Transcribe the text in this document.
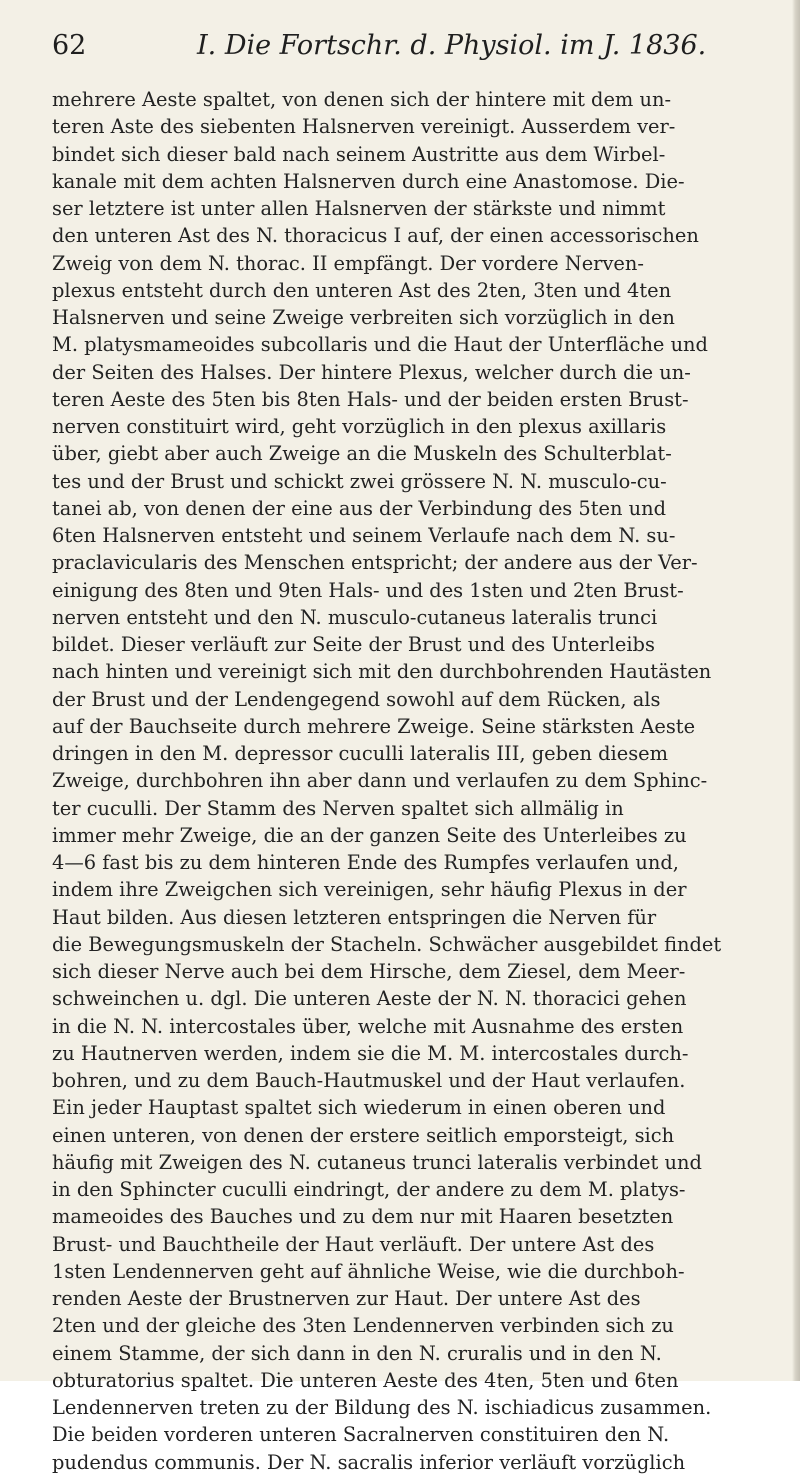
62	I. Die Fortschr. d. Physiol. im J. 1836.
mehrere Aeste spaltet, von denen sich der hintere mit dem un-
teren Aste des siebenten Halsnerven vereinigt. Ausserdem ver-
bindet sich dieser bald nach seinem Austritte aus dem Wirbel-
kanale mit dem achten Halsnerven durch eine Anastomose. Die-
ser letztere ist unter allen Halsnerven der stärkste und nimmt
den unteren Ast des N. thoracicus I auf, der einen accessorischen
Zweig von dem N. thorac. II empfängt. Der vordere Nerven-
plexus entsteht durch den unteren Ast des 2ten, 3ten und 4ten
Halsnerven und seine Zweige verbreiten sich vorzüglich in den
M. platysmameoides subcollaris und die Haut der Unterfläche und
der Seiten des Halses. Der hintere Plexus, welcher durch die un-
teren Aeste des 5ten bis 8ten Hals- und der beiden ersten Brust-
nerven constituirt wird, geht vorzüglich in den plexus axillaris
über, giebt aber auch Zweige an die Muskeln des Schulterblat-
tes und der Brust und schickt zwei grössere N. N. musculo-cu-
tanei ab, von denen der eine aus der Verbindung des 5ten und
6ten Halsnerven entsteht und seinem Verlaufe nach dem N. su-
praclavicularis des Menschen entspricht; der andere aus der Ver-
einigung des 8ten und 9ten Hals- und des 1sten und 2ten Brust-
nerven entsteht und den N. musculo-cutaneus lateralis trunci
bildet. Dieser verläuft zur Seite der Brust und des Unterleibs
nach hinten und vereinigt sich mit den durchbohrenden Hautästen
der Brust und der Lendengegend sowohl auf dem Rücken, als
auf der Bauchseite durch mehrere Zweige. Seine stärksten Aeste
dringen in den M. depressor cuculli lateralis III, geben diesem
Zweige, durchbohren ihn aber dann und verlaufen zu dem Sphinc-
ter cuculli. Der Stamm des Nerven spaltet sich allmälig in
immer mehr Zweige, die an der ganzen Seite des Unterleibes zu
4—6 fast bis zu dem hinteren Ende des Rumpfes verlaufen und,
indem ihre Zweigchen sich vereinigen, sehr häufig Plexus in der
Haut bilden. Aus diesen letzteren entspringen die Nerven für
die Bewegungsmuskeln der Stacheln. Schwächer ausgebildet findet
sich dieser Nerve auch bei dem Hirsche, dem Ziesel, dem Meer-
schweinchen u. dgl. Die unteren Aeste der N. N. thoracici gehen
in die N. N. intercostales über, welche mit Ausnahme des ersten
zu Hautnerven werden, indem sie die M. M. intercostales durch-
bohren, und zu dem Bauch-Hautmuskel und der Haut verlaufen.
Ein jeder Hauptast spaltet sich wiederum in einen oberen und
einen unteren, von denen der erstere seitlich emporsteigt, sich
häufig mit Zweigen des N. cutaneus trunci lateralis verbindet und
in den Sphincter cuculli eindringt, der andere zu dem M. platys-
mameoides des Bauches und zu dem nur mit Haaren besetzten
Brust- und Bauchtheile der Haut verläuft. Der untere Ast des
1sten Lendennerven geht auf ähnliche Weise, wie die durchboh-
renden Aeste der Brustnerven zur Haut. Der untere Ast des
2ten und der gleiche des 3ten Lendennerven verbinden sich zu
einem Stamme, der sich dann in den N. cruralis und in den N.
obturatorius spaltet. Die unteren Aeste des 4ten, 5ten und 6ten
Lendennerven treten zu der Bildung des N. ischiadicus zusammen.
Die beiden vorderen unteren Sacralnerven constituiren den N.
pudendus communis. Der N. sacralis inferior verläuft vorzüglich
